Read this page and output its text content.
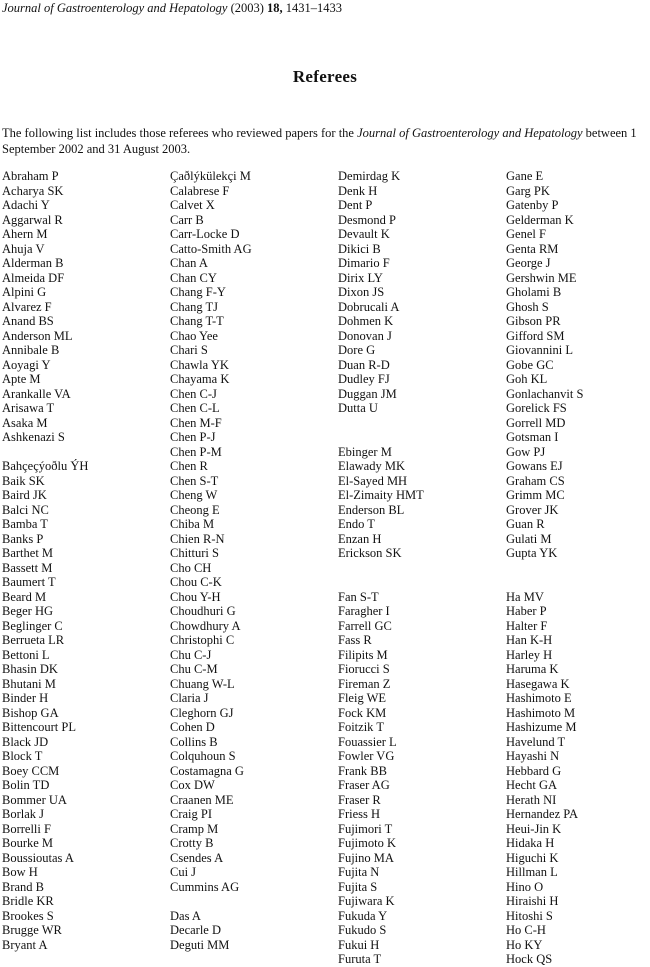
Journal of Gastroenterology and Hepatology (2003) 18, 1431–1433
Referees
The following list includes those referees who reviewed papers for the Journal of Gastroenterology and Hepatology between 1 September 2002 and 31 August 2003.
Abraham P
Acharya SK
Adachi Y
Aggarwal R
Ahern M
Ahuja V
Alderman B
Almeida DF
Alpini G
Alvarez F
Anand BS
Anderson ML
Annibale B
Aoyagi Y
Apte M
Arankalle VA
Arisawa T
Asaka M
Ashkenazi S
Bahçeçýoðlu ÝH
Baik SK
Baird JK
Balci NC
Bamba T
Banks P
Barthet M
Bassett M
Baumert T
Beard M
Beger HG
Beglinger C
Berrueta LR
Bettoni L
Bhasin DK
Bhutani M
Binder H
Bishop GA
Bittencourt PL
Black JD
Block T
Boey CCM
Bolin TD
Bommer UA
Borlak J
Borrelli F
Bourke M
Boussioutas A
Bow H
Brand B
Bridle KR
Brookes S
Brugge WR
Bryant A
Çaðlýkülekçi M
Calabrese F
Calvet X
Carr B
Carr-Locke D
Catto-Smith AG
Chan A
Chan CY
Chang F-Y
Chang TJ
Chang T-T
Chao Yee
Chari S
Chawla YK
Chayama K
Chen C-J
Chen C-L
Chen M-F
Chen P-J
Chen P-M
Chen R
Chen S-T
Cheng W
Cheong E
Chiba M
Chien R-N
Chitturi S
Cho CH
Chou C-K
Chou Y-H
Choudhuri G
Chowdhury A
Christophi C
Chu C-J
Chu C-M
Chuang W-L
Claria J
Cleghorn GJ
Cohen D
Collins B
Colquhoun S
Costamagna G
Cox DW
Craanen ME
Craig PI
Cramp M
Crotty B
Csendes A
Cui J
Cummins AG
Das A
Decarle D
Deguti MM
Demirdag K
Denk H
Dent P
Desmond P
Devault K
Dikici B
Dimario F
Dirix LY
Dixon JS
Dobrucali A
Dohmen K
Donovan J
Dore G
Duan R-D
Dudley FJ
Duggan JM
Dutta U
Ebinger M
Elawady MK
El-Sayed MH
El-Zimaity HMT
Enderson BL
Endo T
Enzan H
Erickson SK
Fan S-T
Faragher I
Farrell GC
Fass R
Filipits M
Fiorucci S
Fireman Z
Fleig WE
Fock KM
Foitzik T
Fouassier L
Fowler VG
Frank BB
Fraser AG
Fraser R
Friess H
Fujimori T
Fujimoto K
Fujino MA
Fujita N
Fujita S
Fujiwara K
Fukuda Y
Fukudo S
Fukui H
Furuta T
Gane E
Garg PK
Gatenby P
Gelderman K
Genel F
Genta RM
George J
Gershwin ME
Gholami B
Ghosh S
Gibson PR
Gifford SM
Giovannini L
Gobe GC
Goh KL
Gonlachanvit S
Gorelick FS
Gorrell MD
Gotsman I
Gow PJ
Gowans EJ
Graham CS
Grimm MC
Grover JK
Guan R
Gulati M
Gupta YK
Ha MV
Haber P
Halter F
Han K-H
Harley H
Haruma K
Hasegawa K
Hashimoto E
Hashimoto M
Hashizume M
Havelund T
Hayashi N
Hebbard G
Hecht GA
Herath NI
Hernandez PA
Heui-Jin K
Hidaka H
Higuchi K
Hillman L
Hino O
Hiraishi H
Hitoshi S
Ho C-H
Ho KY
Hock QS
